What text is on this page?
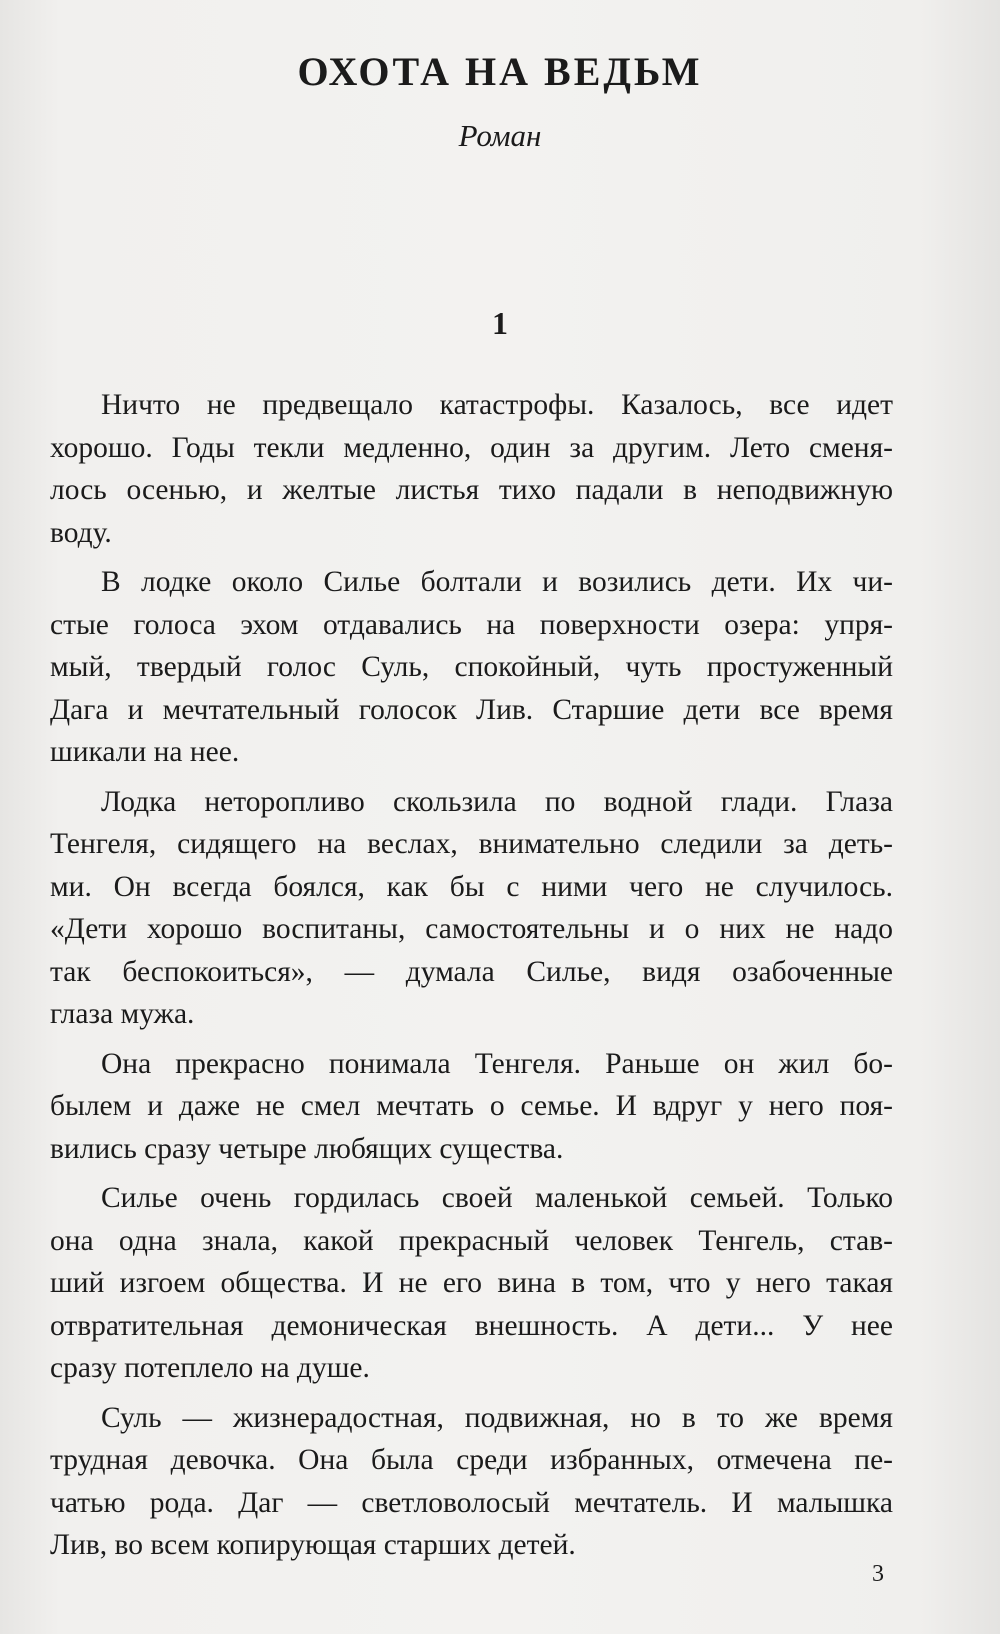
ОХОТА НА ВЕДЬМ

Роман

1

Ничто не предвещало катастрофы. Казалось, все идет
хорошо. Годы текли медленно, один за другим. Лето сменя-
лось осенью, и желтые листья тихо падали в неподвижную
воду.

В лодке около Силье болтали и возились дети. Их чи-
стые голоса эхом отдавались на поверхности озера: упря-
мый, твердый голос Суль, спокойный, чуть простуженный
Дага и мечтательный голосок Лив. Старшие дети все время
шикали на нее.

Лодка неторопливо скользила по водной глади. Глаза
Тенгеля, сидящего на веслах, внимательно следили за деть-
ми. Он всегда боялся, как бы с ними чего не случилось.
«Дети хорошо воспитаны, самостоятельны и о них не надо
так беспокоиться», — думала Силье, видя озабоченные
глаза мужа.

Она прекрасно понимала Тенгеля. Раньше он жил бо-
былем и даже не смел мечтать о семье. И вдруг у него поя-
вились сразу четыре любящих существа.

Силье очень гордилась своей маленькой семьей. Только
она одна знала, какой прекрасный человек Тенгель, став-
ший изгоем общества. И не его вина в том, что у него такая
отвратительная демоническая внешность. А дети... У нее
сразу потеплело на душе.

Суль — жизнерадостная, подвижная, но в то же время
трудная девочка. Она была среди избранных, отмечена пе-
чатью рода. Даг — светловолосый мечтатель. И малышка
Лив, во всем копирующая старших детей.

3
